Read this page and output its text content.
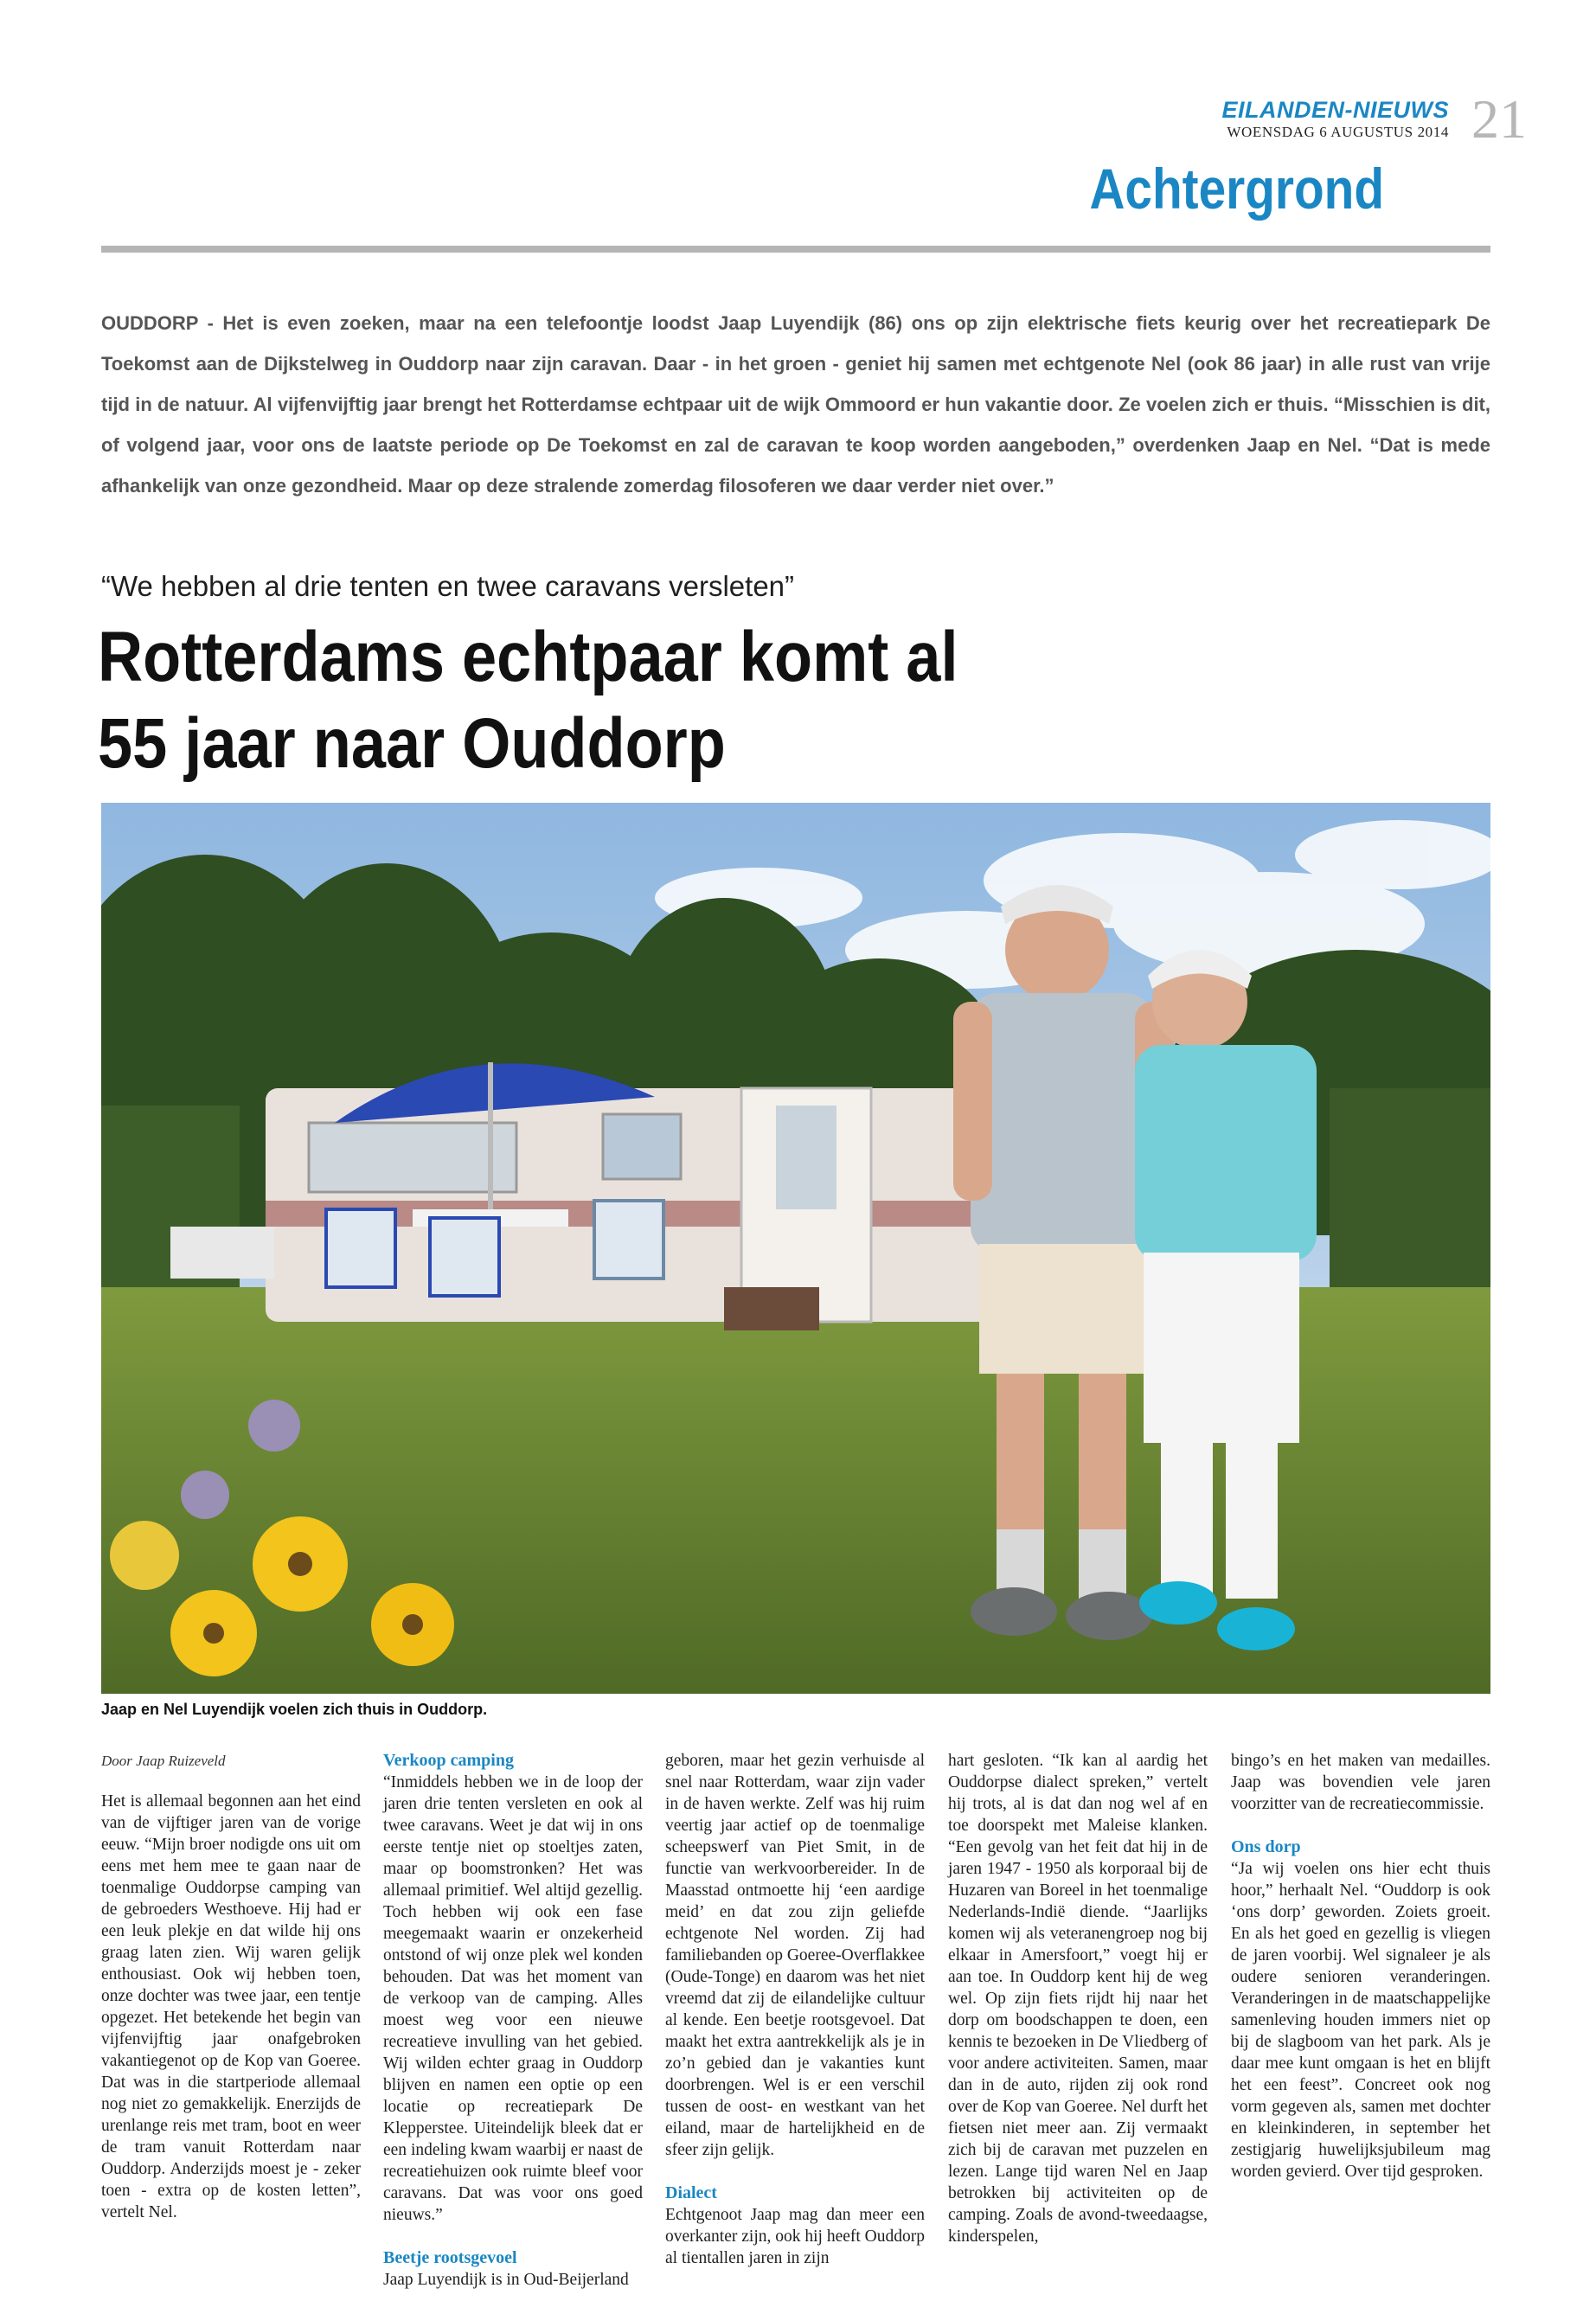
EILANDEN-NIEUWS
WOENSDAG 6 AUGUSTUS 2014 21
Achtergrond

OUDDORP - Het is even zoeken, maar na een telefoontje loodst Jaap Luyendijk (86) ons op zijn elektrische fiets keurig over het recreatiepark De Toekomst aan de Dijkstelweg in Ouddorp naar zijn caravan. Daar - in het groen - geniet hij samen met echtgenote Nel (ook 86 jaar) in alle rust van vrije tijd in de natuur. Al vijfenvijftig jaar brengt het Rotterdamse echtpaar uit de wijk Ommoord er hun vakantie door. Ze voelen zich er thuis. “Misschien is dit, of volgend jaar, voor ons de laatste periode op De Toekomst en zal de caravan te koop worden aangeboden,” overdenken Jaap en Nel. “Dat is mede afhankelijk van onze gezondheid. Maar op deze stralende zomerdag filosoferen we daar verder niet over.”

“We hebben al drie tenten en twee caravans versleten”

Rotterdams echtpaar komt al
55 jaar naar Ouddorp

Jaap en Nel Luyendijk voelen zich thuis in Ouddorp.

Door Jaap Ruizeveld

Het is allemaal begonnen aan het eind van de vijftiger jaren van de vorige eeuw. “Mijn broer nodigde ons uit om eens met hem mee te gaan naar de toenmalige Ouddorpse camping van de gebroeders Westhoeve. Hij had er een leuk plekje en dat wilde hij ons graag laten zien. Wij waren gelijk enthousiast. Ook wij hebben toen, onze dochter was twee jaar, een tentje opgezet. Het betekende het begin van vijfenvijftig jaar onafgebroken vakantiegenot op de Kop van Goeree. Dat was in die startperiode allemaal nog niet zo gemakkelijk. Enerzijds de urenlange reis met tram, boot en weer de tram vanuit Rotterdam naar Ouddorp. Anderzijds moest je - zeker toen - extra op de kosten letten”, vertelt Nel.

Verkoop camping

“Inmiddels hebben we in de loop der jaren drie tenten versleten en ook al twee caravans. Weet je dat wij in ons eerste tentje niet op stoeltjes zaten, maar op boomstronken? Het was allemaal primitief. Wel altijd gezellig. Toch hebben wij ook een fase meegemaakt waarin er onzekerheid ontstond of wij onze plek wel konden behouden. Dat was het moment van de verkoop van de camping. Alles moest weg voor een nieuwe recreatieve invulling van het gebied. Wij wilden echter graag in Ouddorp blijven en namen een optie op een locatie op recreatiepark De Klepperstee. Uiteindelijk bleek dat er een indeling kwam waarbij er naast de recreatiehuizen ook ruimte bleef voor caravans. Dat was voor ons goed nieuws.”

Beetje rootsgevoel

Jaap Luyendijk is in Oud-Beijerland

geboren, maar het gezin verhuisde al snel naar Rotterdam, waar zijn vader in de haven werkte. Zelf was hij ruim veertig jaar actief op de toenmalige scheepswerf van Piet Smit, in de functie van werkvoorbereider. In de Maasstad ontmoette hij ‘een aardige meid’ en dat zou zijn geliefde echtgenote Nel worden. Zij had familiebanden op Goeree-Overflakkee (Oude-Tonge) en daarom was het niet vreemd dat zij de eilandelijke cultuur al kende. Een beetje rootsgevoel. Dat maakt het extra aantrekkelijk als je in zo’n gebied dan je vakanties kunt doorbrengen. Wel is er een verschil tussen de oost- en westkant van het eiland, maar de hartelijkheid en de sfeer zijn gelijk.

Dialect

Echtgenoot Jaap mag dan meer een overkanter zijn, ook hij heeft Ouddorp al tientallen jaren in zijn

hart gesloten. “Ik kan al aardig het Ouddorpse dialect spreken,” vertelt hij trots, al is dat dan nog wel af en toe doorspekt met Maleise klanken. “Een gevolg van het feit dat hij in de jaren 1947 - 1950 als korporaal bij de Huzaren van Boreel in het toenmalige Nederlands-Indië diende. “Jaarlijks komen wij als veteranengroep nog bij elkaar in Amersfoort,” voegt hij er aan toe. In Ouddorp kent hij de weg wel. Op zijn fiets rijdt hij naar het dorp om boodschappen te doen, een kennis te bezoeken in De Vliedberg of voor andere activiteiten. Samen, maar dan in de auto, rijden zij ook rond over de Kop van Goeree. Nel durft het fietsen niet meer aan. Zij vermaakt zich bij de caravan met puzzelen en lezen. Lange tijd waren Nel en Jaap betrokken bij activiteiten op de camping. Zoals de avond-tweedaagse, kinderspelen,

bingo’s en het maken van medailles. Jaap was bovendien vele jaren voorzitter van de recreatiecommissie.

Ons dorp

“Ja wij voelen ons hier echt thuis hoor,” herhaalt Nel. “Ouddorp is ook ‘ons dorp’ geworden. Zoiets groeit. En als het goed en gezellig is vliegen de jaren voorbij. Wel signaleer je als oudere senioren veranderingen. Veranderingen in de maatschappelijke samenleving houden immers niet op bij de slagboom van het park. Als je daar mee kunt omgaan is het en blijft het een feest”. Concreet ook nog vorm gegeven als, samen met dochter en kleinkinderen, in september het zestigjarig huwelijksjubileum mag worden gevierd. Over tijd gesproken.
